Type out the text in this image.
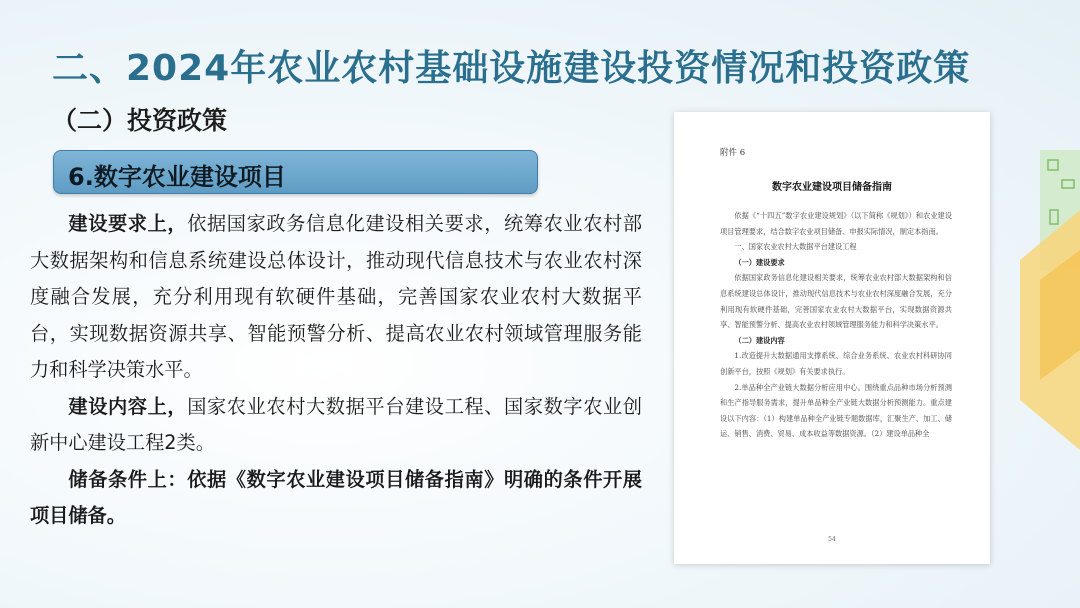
二、2024年农业农村基础设施建设投资情况和投资政策
（二）投资政策
6.数字农业建设项目

建设要求上，依据国家政务信息化建设相关要求，统筹农业农村部大数据架构和信息系统建设总体设计，推动现代信息技术与农业农村深度融合发展，充分利用现有软硬件基础，完善国家农业农村大数据平台，实现数据资源共享、智能预警分析、提高农业农村领域管理服务能力和科学决策水平。

建设内容上，国家农业农村大数据平台建设工程、国家数字农业创新中心建设工程2类。

储备条件上：依据《数字农业建设项目储备指南》明确的条件开展项目储备。

附件 6
数字农业建设项目储备指南

依据《“十四五”数字农业建设规划》（以下简称《规划》）和农业建设项目管理要求，结合数字农业项目储备、申报实际情况，制定本指南。

一、国家农业农村大数据平台建设工程

（一）建设要求

依据国家政务信息化建设相关要求，统筹农业农村部大数据架构和信息系统建设总体设计，推动现代信息技术与农业农村深度融合发展，充分利用现有软硬件基础，完善国家农业农村大数据平台，实现数据资源共享、智能预警分析、提高农业农村领域管理服务能力和科学决策水平。

（二）建设内容

1.改造提升大数据通用支撑系统、综合业务系统、农业农村科研协同创新平台，按照《规划》有关要求执行。

2.单品种全产业链大数据分析应用中心。围绕重点品种市场分析预测和生产指导服务需求，提升单品种全产业链大数据分析预测能力。重点建设以下内容：（1）构建单品种全产业链专题数据库，汇聚生产、加工、储运、销售、消费、贸易、成本收益等数据资源。（2）建设单品种全

54
